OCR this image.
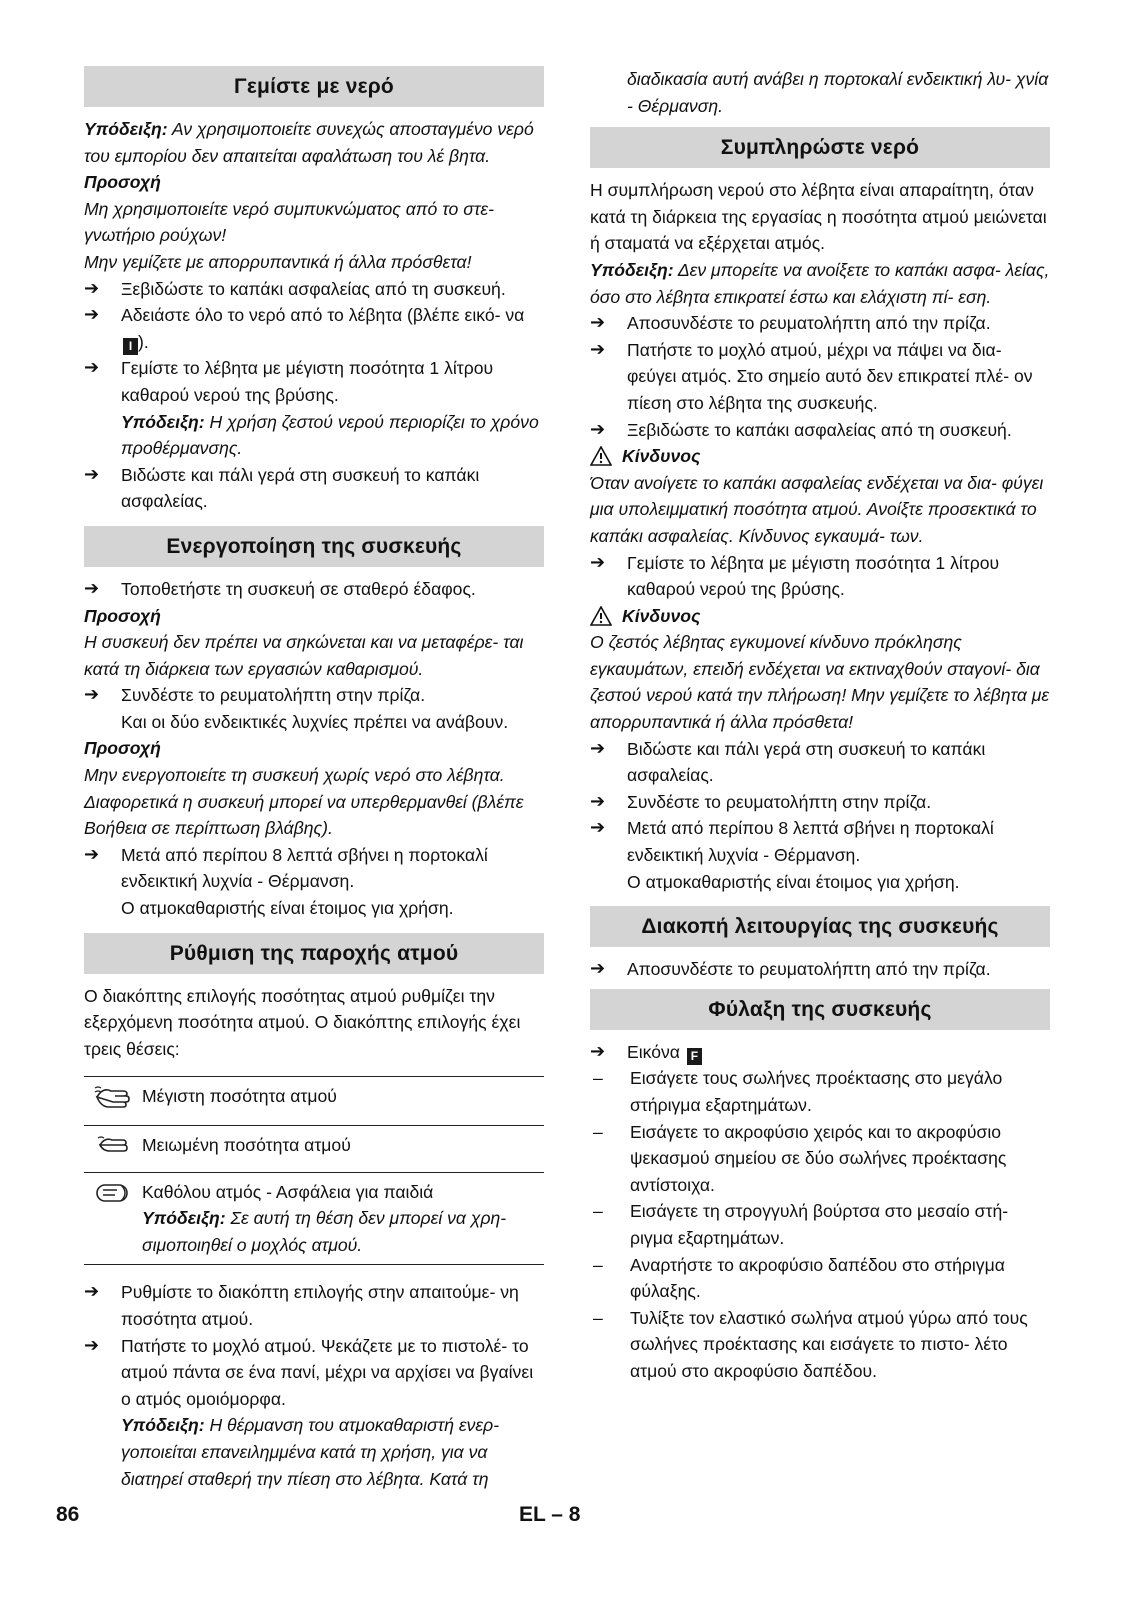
Γεμίστε με νερό

Υπόδειξη: Αν χρησιμοποιείτε συνεχώς αποσταγμένο νερό του εμπορίου δεν απαιτείται αφαλάτωση του λέ βητα.

Προσοχή

Μη χρησιμοποιείτε νερό συμπυκνώματος από το στε- γνωτήριο ρούχων!

Μην γεμίζετε με απορρυπαντικά ή άλλα πρόσθετα!

➔	Ξεβιδώστε το καπάκι ασφαλείας από τη συσκευή.
➔	Αδειάστε όλο το νερό από το λέβητα (βλέπε εικό- να I ).
➔	Γεμίστε το λέβητα με μέγιστη ποσότητα 1 λίτρου καθαρού νερού της βρύσης.

Υπόδειξη: Η χρήση ζεστού νερού περιορίζει το χρόνο προθέρμανσης.

➔	Βιδώστε και πάλι γερά στη συσκευή το καπάκι ασφαλείας.
Ενεργοποίηση της συσκευής
➔	Τοποθετήστε τη συσκευή σε σταθερό έδαφος.

Προσοχή

Η συσκευή δεν πρέπει να σηκώνεται και να μεταφέρε- ται κατά τη διάρκεια των εργασιών καθαρισμού.

➔	Συνδέστε το ρευματολήπτη στην πρίζα.

Και οι δύο ενδεικτικές λυχνίες πρέπει να ανάβουν.

Προσοχή

Μην ενεργοποιείτε τη συσκευή χωρίς νερό στο λέβητα. Διαφορετικά η συσκευή μπορεί να υπερθερμανθεί (βλέπε Βοήθεια σε περίπτωση βλάβης).

➔	Μετά από περίπου 8 λεπτά σβήνει η πορτοκαλί ενδεικτική λυχνία - Θέρμανση.

Ο ατμοκαθαριστής είναι έτοιμος για χρήση.

Ρύθμιση της παροχής ατμού

Ο διακόπτης επιλογής ποσότητας ατμού ρυθμίζει την εξερχόμενη ποσότητα ατμού. Ο διακόπτης επιλογής έχει τρεις θέσεις:

	Μέγιστη ποσότητα ατμού
	Μειωμένη ποσότητα ατμού

Καθόλου ατμός - Ασφάλεια για παιδιά
Υπόδειξη: Σε αυτή τη θέση δεν μπορεί να χρη- σιμοποιηθεί ο μοχλός ατμού.
➔	Ρυθμίστε το διακόπτη επιλογής στην απαιτούμε- νη ποσότητα ατμού.
➔	Πατήστε το μοχλό ατμού. Ψεκάζετε με το πιστολέ- το ατμού πάντα σε ένα πανί, μέχρι να αρχίσει να βγαίνει ο ατμός ομοιόμορφα.

Υπόδειξη: Η θέρμανση του ατμοκαθαριστή ενερ- γοποιείται επανειλημμένα κατά τη χρήση, για να διατηρεί σταθερή την πίεση στο λέβητα. Κατά τη

διαδικασία αυτή ανάβει η πορτοκαλί ενδεικτική λυ- χνία - Θέρμανση.

Συμπληρώστε νερό

Η συμπλήρωση νερού στο λέβητα είναι απαραίτητη, όταν κατά τη διάρκεια της εργασίας η ποσότητα ατμού μειώνεται ή σταματά να εξέρχεται ατμός.

Υπόδειξη: Δεν μπορείτε να ανοίξετε το καπάκι ασφα- λείας, όσο στο λέβητα επικρατεί έστω και ελάχιστη πί- εση.

➔	Αποσυνδέστε το ρευματολήπτη από την πρίζα.
➔	Πατήστε το μοχλό ατμού, μέχρι να πάψει να δια- φεύγει ατμός. Στο σημείο αυτό δεν επικρατεί πλέ- ον πίεση στο λέβητα της συσκευής.
➔	Ξεβιδώστε το καπάκι ασφαλείας από τη συσκευή.
Κίνδυνος

Όταν ανοίγετε το καπάκι ασφαλείας ενδέχεται να δια- φύγει μια υπολειμματική ποσότητα ατμού. Ανοίξτε προσεκτικά το καπάκι ασφαλείας. Κίνδυνος εγκαυμά- των.

➔	Γεμίστε το λέβητα με μέγιστη ποσότητα 1 λίτρου καθαρού νερού της βρύσης.
Κίνδυνος

Ο ζεστός λέβητας εγκυμονεί κίνδυνο πρόκλησης εγκαυμάτων, επειδή ενδέχεται να εκτιναχθούν σταγονί- δια ζεστού νερού κατά την πλήρωση! Μην γεμίζετε το λέβητα με απορρυπαντικά ή άλλα πρόσθετα!

➔	Βιδώστε και πάλι γερά στη συσκευή το καπάκι ασφαλείας.
➔	Συνδέστε το ρευματολήπτη στην πρίζα.
➔	Μετά από περίπου 8 λεπτά σβήνει η πορτοκαλί ενδεικτική λυχνία - Θέρμανση.

Ο ατμοκαθαριστής είναι έτοιμος για χρήση.

Διακοπή λειτουργίας της συσκευής
➔	Αποσυνδέστε το ρευματολήπτη από την πρίζα.
Φύλαξη της συσκευής
➔	Εικόνα F
–	Εισάγετε τους σωλήνες προέκτασης στο μεγάλο στήριγμα εξαρτημάτων.
–	Εισάγετε το ακροφύσιο χειρός και το ακροφύσιο ψεκασμού σημείου σε δύο σωλήνες προέκτασης αντίστοιχα.
–	Εισάγετε τη στρογγυλή βούρτσα στο μεσαίο στή- ριγμα εξαρτημάτων.
–	Αναρτήστε το ακροφύσιο δαπέδου στο στήριγμα φύλαξης.
–	Τυλίξτε τον ελαστικό σωλήνα ατμού γύρω από τους σωλήνες προέκτασης και εισάγετε το πιστο- λέτο ατμού στο ακροφύσιο δαπέδου.
86	EL – 8
